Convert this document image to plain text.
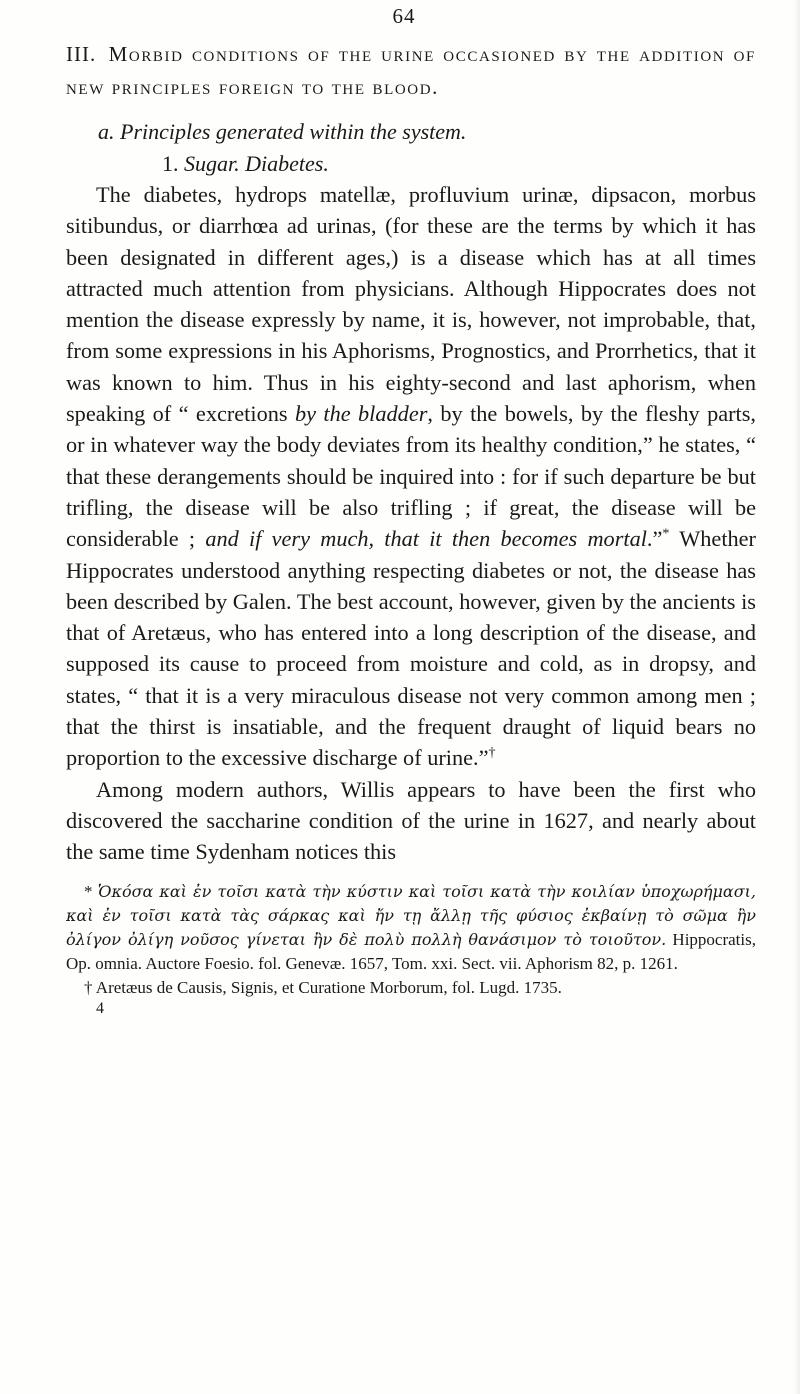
64
III. Morbid conditions of the urine occasioned by the addition of new principles foreign to the blood.
a. Principles generated within the system.
1. Sugar. Diabetes.

The diabetes, hydrops matellæ, profluvium urinæ, dipsacon, morbus sitibundus, or diarrhœa ad urinas, (for these are the terms by which it has been designated in different ages,) is a disease which has at all times attracted much attention from physicians. Although Hippocrates does not mention the disease expressly by name, it is, however, not improbable, that, from some expressions in his Aphorisms, Prognostics, and Prorrhetics, that it was known to him. Thus in his eighty-second and last aphorism, when speaking of “ excretions by the bladder, by the bowels, by the fleshy parts, or in whatever way the body deviates from its healthy condition,” he states, “ that these derangements should be inquired into : for if such departure be but trifling, the disease will be also trifling ; if great, the disease will be considerable ; and if very much, that it then becomes mortal.”* Whether Hippocrates understood anything respecting diabetes or not, the disease has been described by Galen. The best account, however, given by the ancients is that of Aretæus, who has entered into a long description of the disease, and supposed its cause to proceed from moisture and cold, as in dropsy, and states, “ that it is a very miraculous disease not very common among men ; that the thirst is insatiable, and the frequent draught of liquid bears no proportion to the excessive discharge of urine.”†

Among modern authors, Willis appears to have been the first who discovered the saccharine condition of the urine in 1627, and nearly about the same time Sydenham notices this

* Ὁκόσα καὶ ἐν τοῖσι κατὰ τὴν κύστιν καὶ τοῖσι κατὰ τὴν κοιλίαν ὑποχωρήμασι, καὶ ἐν τοῖσι κατὰ τὰς σάρκας καὶ ἤν τῃ ἄλλῃ τῆς φύσιος ἐκβαίνῃ τὸ σῶμα ἢν ὀλίγον ὀλίγη νοῦσος γίνεται ἢν δὲ πολὺ πολλὴ θανάσιμον τὸ τοιοῦτον. Hippocratis, Op. omnia. Auctore Foesio. fol. Genevæ. 1657, Tom. xxi. Sect. vii. Aphorism 82, p. 1261.

† Aretæus de Causis, Signis, et Curatione Morborum, fol. Lugd. 1735.

4
